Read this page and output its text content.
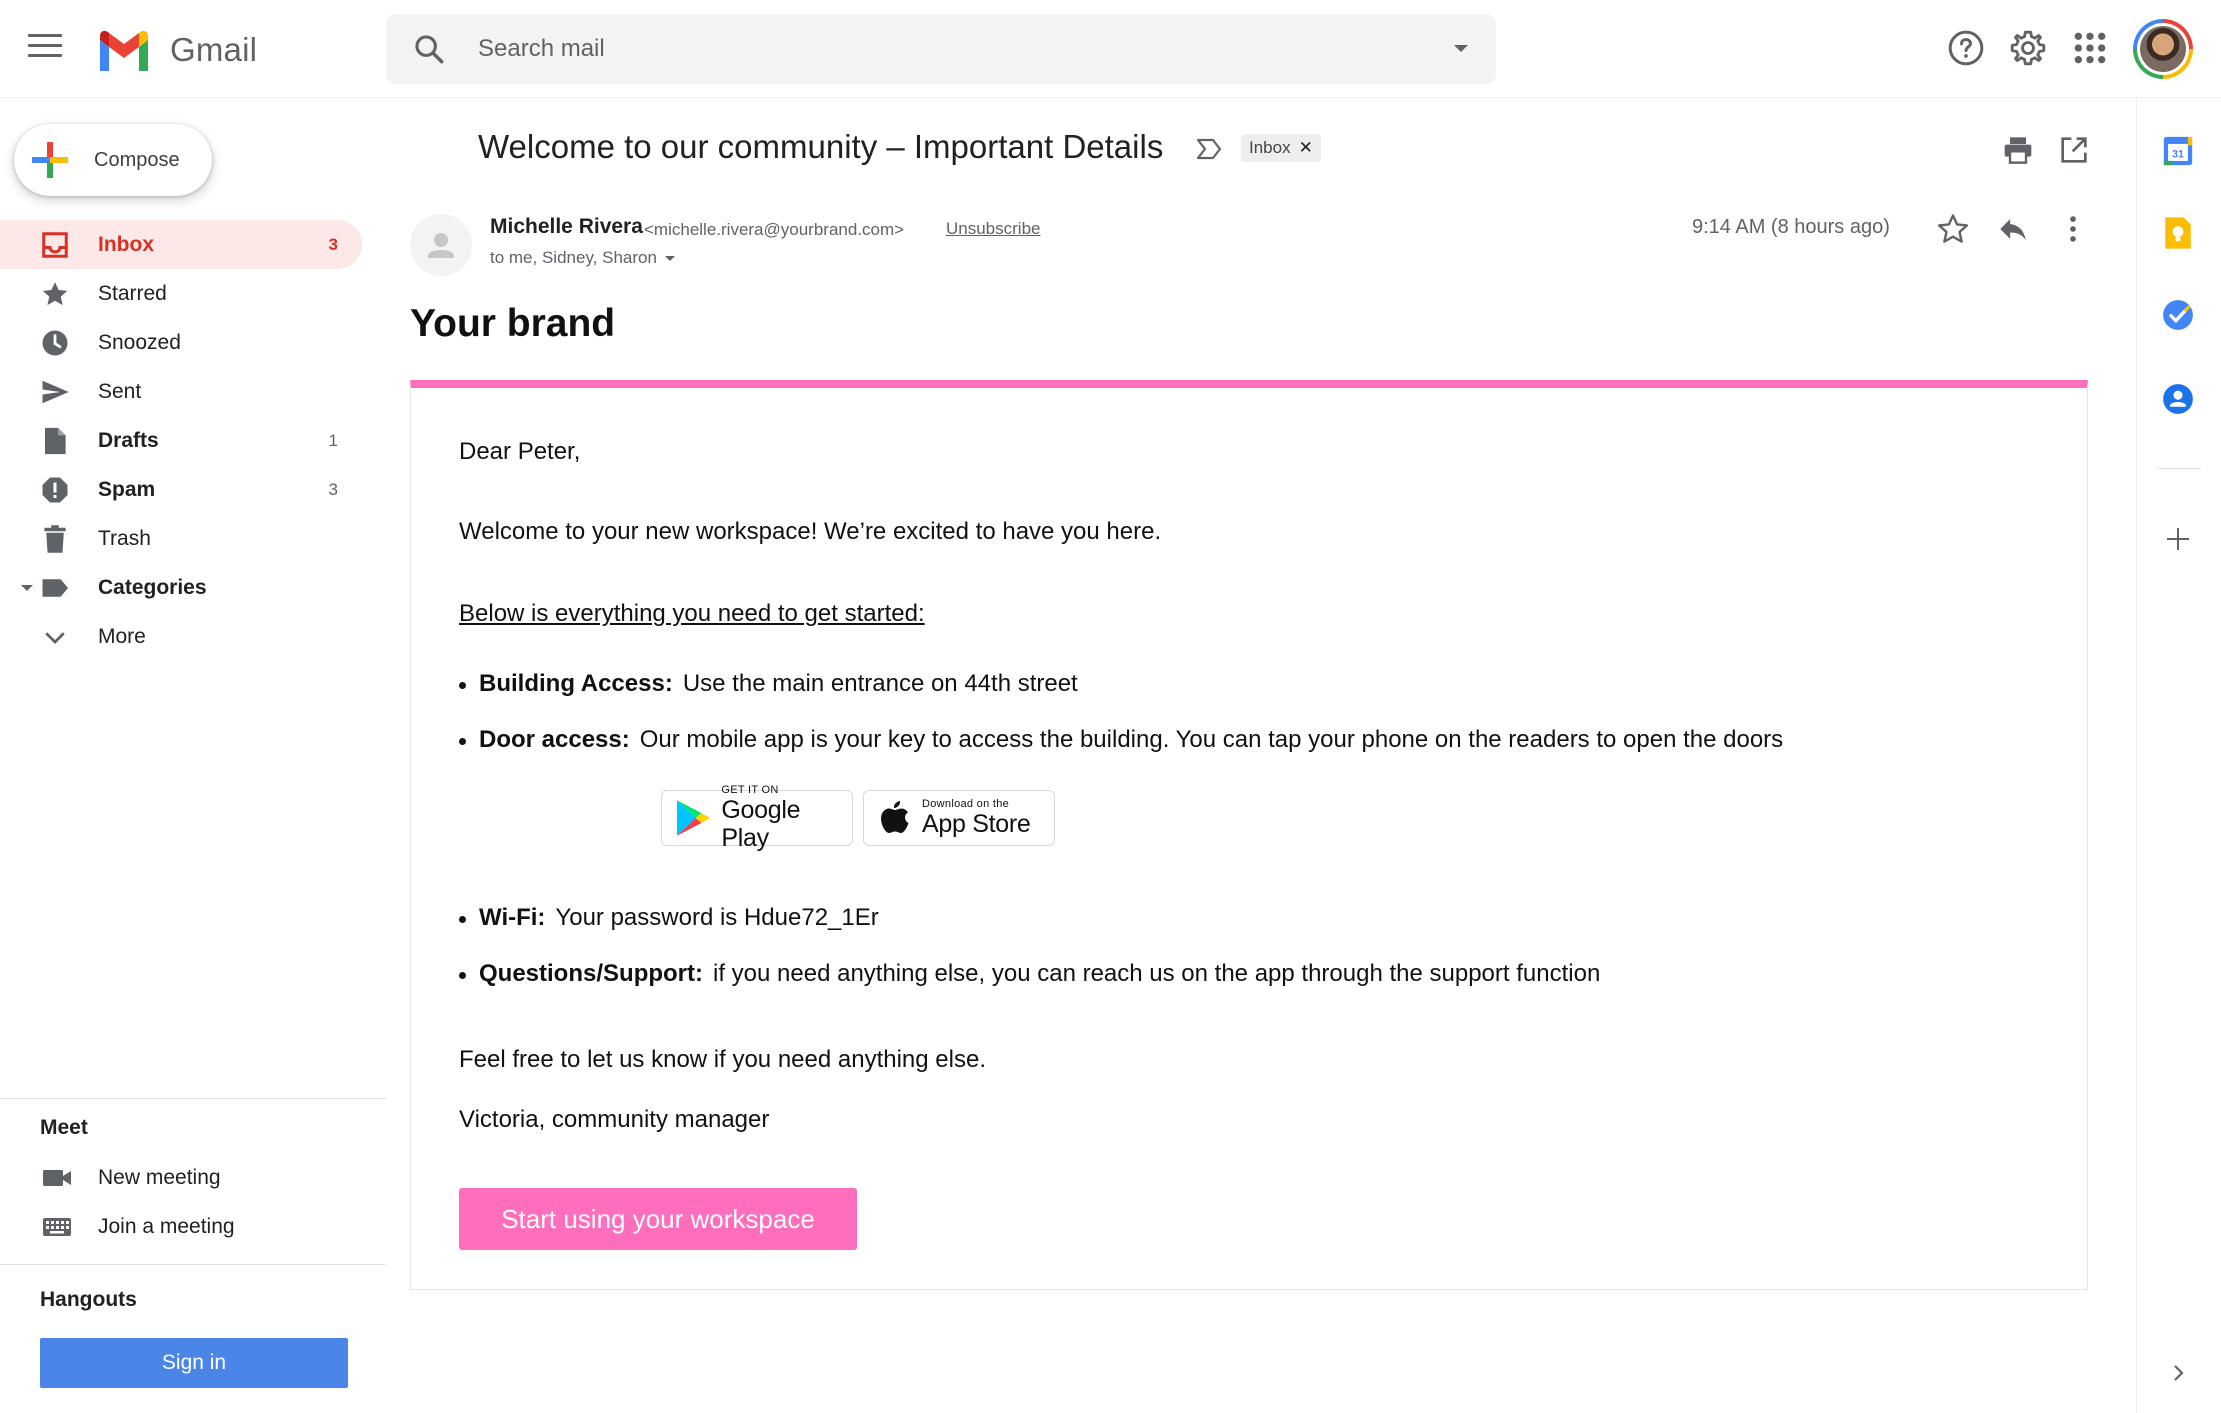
Gmail
Search mail
Compose
Inbox	3
Starred
Snoozed
Sent
Drafts	1
Spam	3
Trash
Categories
More
Meet
New meeting
Join a meeting
Hangouts
Sign in
Welcome to our community – Important Details	Inbox ✕
Michelle Rivera <michelle.rivera@yourbrand.com> Unsubscribe
to me, Sidney, Sharon
9:14 AM (8 hours ago)
Your brand
Dear Peter,
Welcome to your new workspace! We’re excited to have you here.
Below is everything you need to get started:
Building Access: Use the main entrance on 44th street
Door access: Our mobile app is your key to access the building. You can tap your phone on the readers to open the doors
GET IT ON
Google Play
Download on the
App Store
Wi-Fi: Your password is Hdue72_1Er
Questions/Support: if you need anything else, you can reach us on the app through the support function
Feel free to let us know if you need anything else.
Victoria, community manager
Start using your workspace
31
